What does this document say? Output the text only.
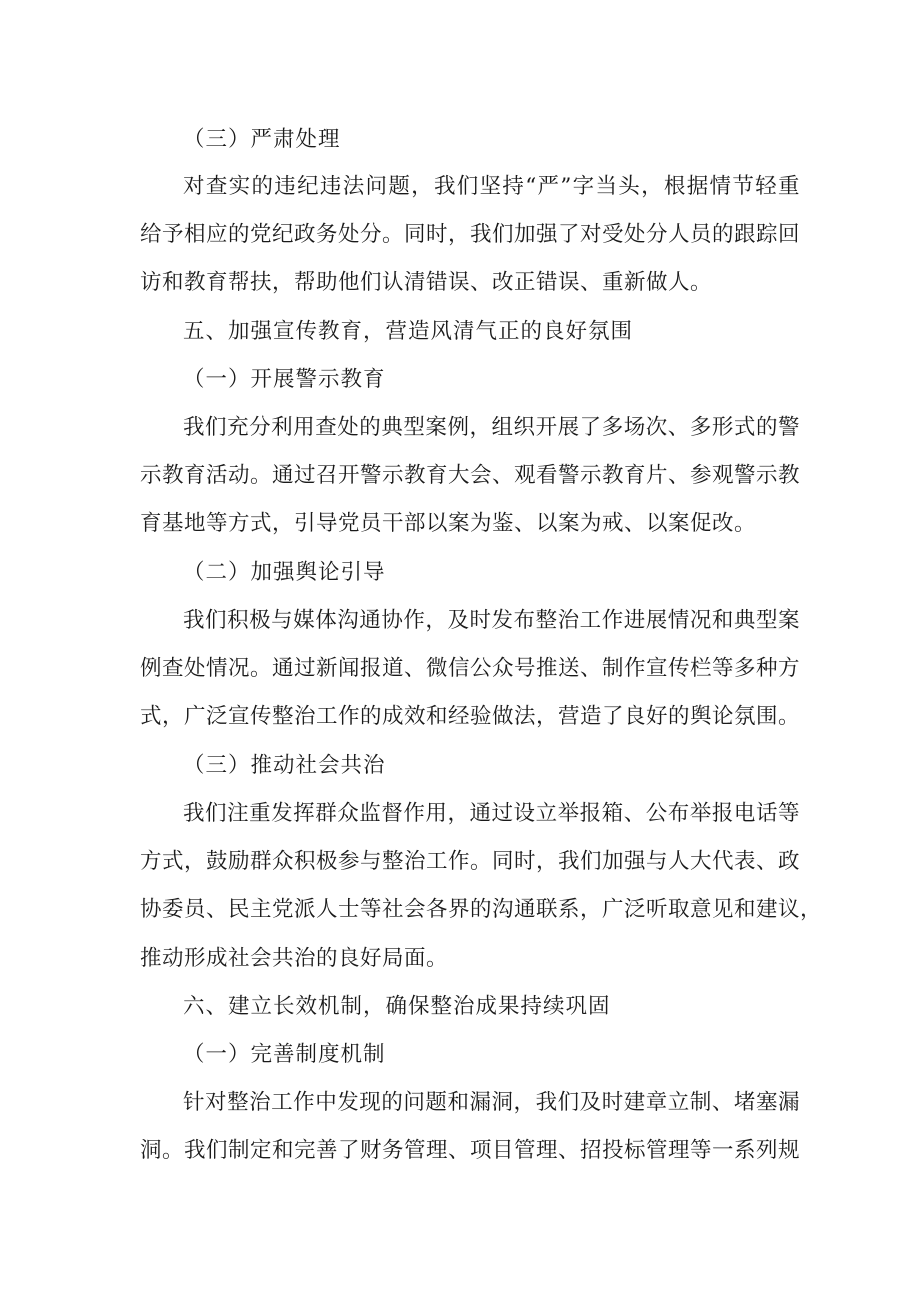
（三）严肃处理
对查实的违纪违法问题，我们坚持“严”字当头，根据情节轻重
给予相应的党纪政务处分。同时，我们加强了对受处分人员的跟踪回
访和教育帮扶，帮助他们认清错误、改正错误、重新做人。
五、加强宣传教育，营造风清气正的良好氛围
（一）开展警示教育
我们充分利用查处的典型案例，组织开展了多场次、多形式的警
示教育活动。通过召开警示教育大会、观看警示教育片、参观警示教
育基地等方式，引导党员干部以案为鉴、以案为戒、以案促改。
（二）加强舆论引导
我们积极与媒体沟通协作，及时发布整治工作进展情况和典型案
例查处情况。通过新闻报道、微信公众号推送、制作宣传栏等多种方
式，广泛宣传整治工作的成效和经验做法，营造了良好的舆论氛围。
（三）推动社会共治
我们注重发挥群众监督作用，通过设立举报箱、公布举报电话等
方式，鼓励群众积极参与整治工作。同时，我们加强与人大代表、政
协委员、民主党派人士等社会各界的沟通联系，广泛听取意见和建议，
推动形成社会共治的良好局面。
六、建立长效机制，确保整治成果持续巩固
（一）完善制度机制
针对整治工作中发现的问题和漏洞，我们及时建章立制、堵塞漏
洞。我们制定和完善了财务管理、项目管理、招投标管理等一系列规
